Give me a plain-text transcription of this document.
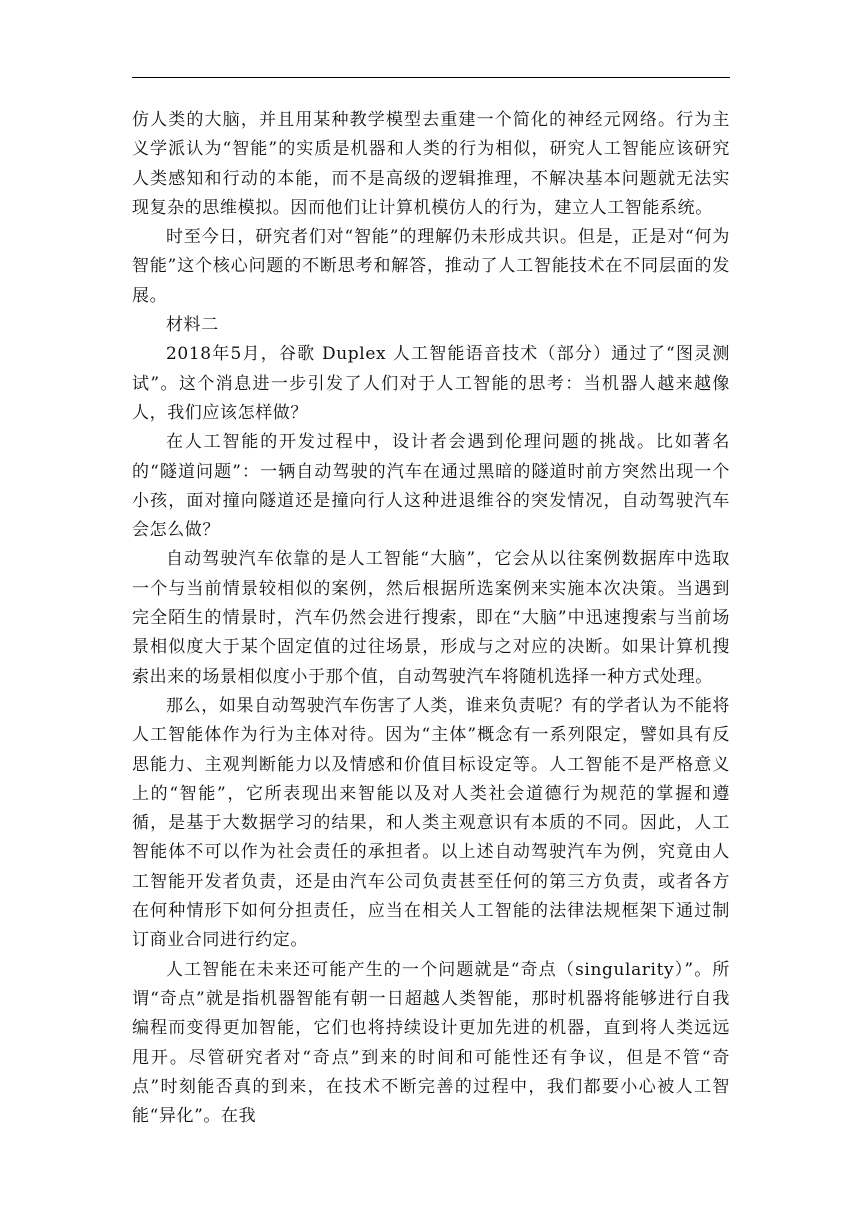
仿人类的大脑，并且用某种教学模型去重建一个简化的神经元网络。行为主义学派认为“智能”的实质是机器和人类的行为相似，研究人工智能应该研究人类感知和行动的本能，而不是高级的逻辑推理，不解决基本问题就无法实现复杂的思维模拟。因而他们让计算机模仿人的行为，建立人工智能系统。

时至今日，研究者们对“智能”的理解仍未形成共识。但是，正是对“何为智能”这个核心问题的不断思考和解答，推动了人工智能技术在不同层面的发展。

材料二

2018年5月，谷歌 Duplex 人工智能语音技术（部分）通过了“图灵测试”。这个消息进一步引发了人们对于人工智能的思考：当机器人越来越像人，我们应该怎样做？

在人工智能的开发过程中，设计者会遇到伦理问题的挑战。比如著名的“隧道问题”：一辆自动驾驶的汽车在通过黑暗的隧道时前方突然出现一个小孩，面对撞向隧道还是撞向行人这种进退维谷的突发情况，自动驾驶汽车会怎么做？

自动驾驶汽车依靠的是人工智能“大脑”，它会从以往案例数据库中选取一个与当前情景较相似的案例，然后根据所选案例来实施本次决策。当遇到完全陌生的情景时，汽车仍然会进行搜索，即在“大脑”中迅速搜索与当前场景相似度大于某个固定值的过往场景，形成与之对应的决断。如果计算机搜索出来的场景相似度小于那个值，自动驾驶汽车将随机选择一种方式处理。

那么，如果自动驾驶汽车伤害了人类，谁来负责呢？有的学者认为不能将人工智能体作为行为主体对待。因为“主体”概念有一系列限定，譬如具有反思能力、主观判断能力以及情感和价值目标设定等。人工智能不是严格意义上的“智能”，它所表现出来智能以及对人类社会道德行为规范的掌握和遵循，是基于大数据学习的结果，和人类主观意识有本质的不同。因此，人工智能体不可以作为社会责任的承担者。以上述自动驾驶汽车为例，究竟由人工智能开发者负责，还是由汽车公司负责甚至任何的第三方负责，或者各方在何种情形下如何分担责任，应当在相关人工智能的法律法规框架下通过制订商业合同进行约定。

人工智能在未来还可能产生的一个问题就是“奇点（singularity）”。所谓“奇点”就是指机器智能有朝一日超越人类智能，那时机器将能够进行自我编程而变得更加智能，它们也将持续设计更加先进的机器，直到将人类远远甩开。尽管研究者对“奇点”到来的时间和可能性还有争议，但是不管“奇点”时刻能否真的到来，在技术不断完善的过程中，我们都要小心被人工智能“异化”。在我
